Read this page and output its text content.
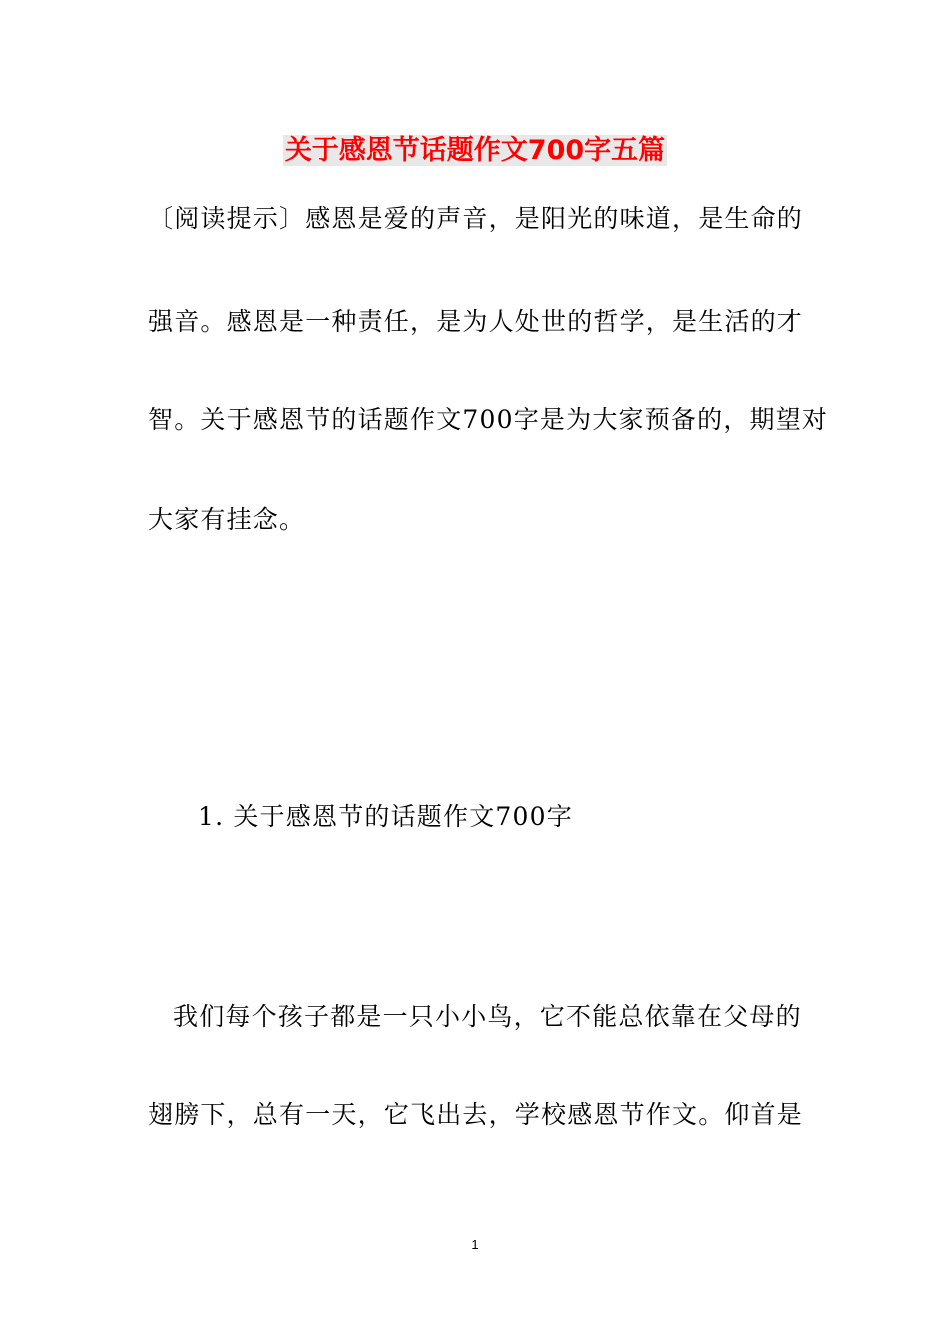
关于感恩节话题作文700字五篇
〔阅读提示〕感恩是爱的声音，是阳光的味道，是生命的
强音。感恩是一种责任，是为人处世的哲学，是生活的才
智。关于感恩节的话题作文700字是为大家预备的，期望对
大家有挂念。
1. 关于感恩节的话题作文700字
我们每个孩子都是一只小小鸟，它不能总依靠在父母的
翅膀下，总有一天，它飞出去，学校感恩节作文。仰首是
1
